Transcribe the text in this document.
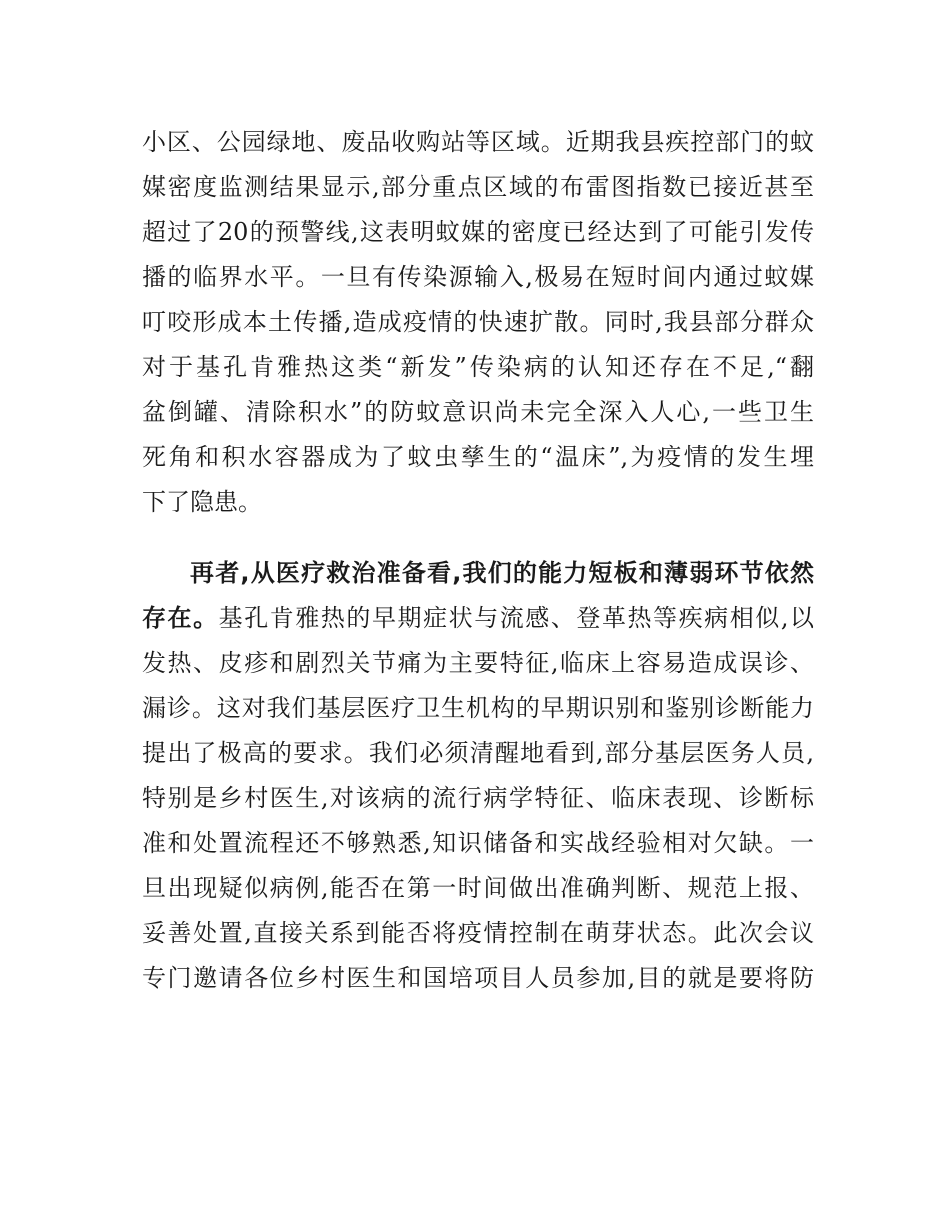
小区、公园绿地、废品收购站等区域。近期我县疾控部门的蚊
媒密度监测结果显示,部分重点区域的布雷图指数已接近甚至
超过了20的预警线,这表明蚊媒的密度已经达到了可能引发传
播的临界水平。一旦有传染源输入,极易在短时间内通过蚊媒
叮咬形成本土传播,造成疫情的快速扩散。同时,我县部分群众
对于基孔肯雅热这类“新发”传染病的认知还存在不足,“翻
盆倒罐、清除积水”的防蚊意识尚未完全深入人心,一些卫生
死角和积水容器成为了蚊虫孳生的“温床”,为疫情的发生埋
下了隐患。
再者,从医疗救治准备看,我们的能力短板和薄弱环节依然
存在。基孔肯雅热的早期症状与流感、登革热等疾病相似,以
发热、皮疹和剧烈关节痛为主要特征,临床上容易造成误诊、
漏诊。这对我们基层医疗卫生机构的早期识别和鉴别诊断能力
提出了极高的要求。我们必须清醒地看到,部分基层医务人员,
特别是乡村医生,对该病的流行病学特征、临床表现、诊断标
准和处置流程还不够熟悉,知识储备和实战经验相对欠缺。一
旦出现疑似病例,能否在第一时间做出准确判断、规范上报、
妥善处置,直接关系到能否将疫情控制在萌芽状态。此次会议
专门邀请各位乡村医生和国培项目人员参加,目的就是要将防
